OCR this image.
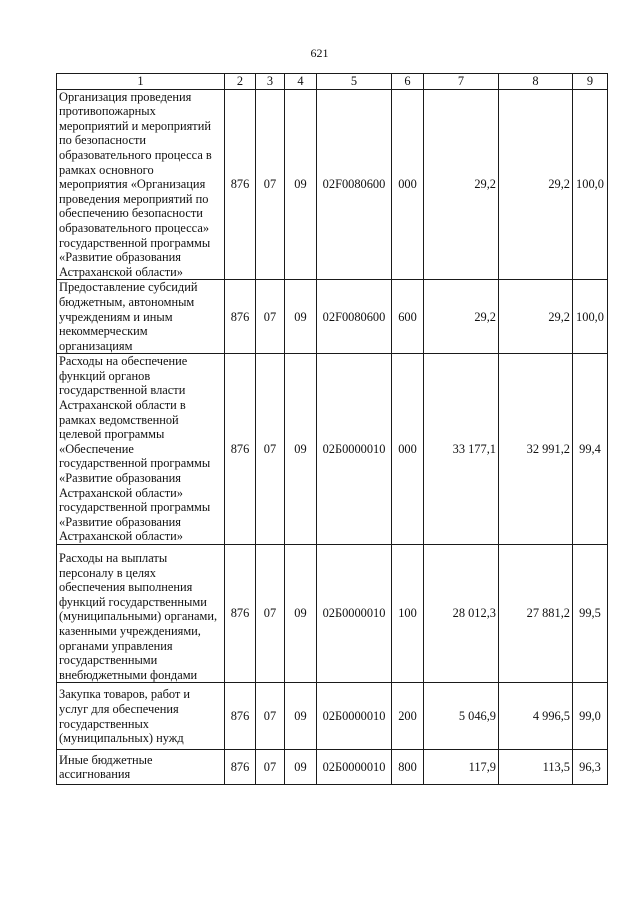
621
1	2	3	4	5	6	7	8	9
Организация проведения противопожарных мероприятий и мероприятий по безопасности образовательного процесса в рамках основного мероприятия «Организация проведения мероприятий по обеспечению безопасности образовательного процесса» государственной программы «Развитие образования Астраханской области»	876	07	09	02F0080600	000	29,2	29,2	100,0
Предоставление субсидий бюджетным, автономным учреждениям и иным некоммерческим организациям	876	07	09	02F0080600	600	29,2	29,2	100,0
Расходы на обеспечение функций органов государственной власти Астраханской области в рамках ведомственной целевой программы «Обеспечение государственной программы «Развитие образования Астраханской области» государственной программы «Развитие образования Астраханской области»	876	07	09	02Б0000010	000	33 177,1	32 991,2	99,4
Расходы на выплаты персоналу в целях обеспечения выполнения функций государственными (муниципальными) органами, казенными учреждениями, органами управления государственными внебюджетными фондами	876	07	09	02Б0000010	100	28 012,3	27 881,2	99,5
Закупка товаров, работ и услуг для обеспечения государственных (муниципальных) нужд	876	07	09	02Б0000010	200	5 046,9	4 996,5	99,0
Иные бюджетные ассигнования	876	07	09	02Б0000010	800	117,9	113,5	96,3
